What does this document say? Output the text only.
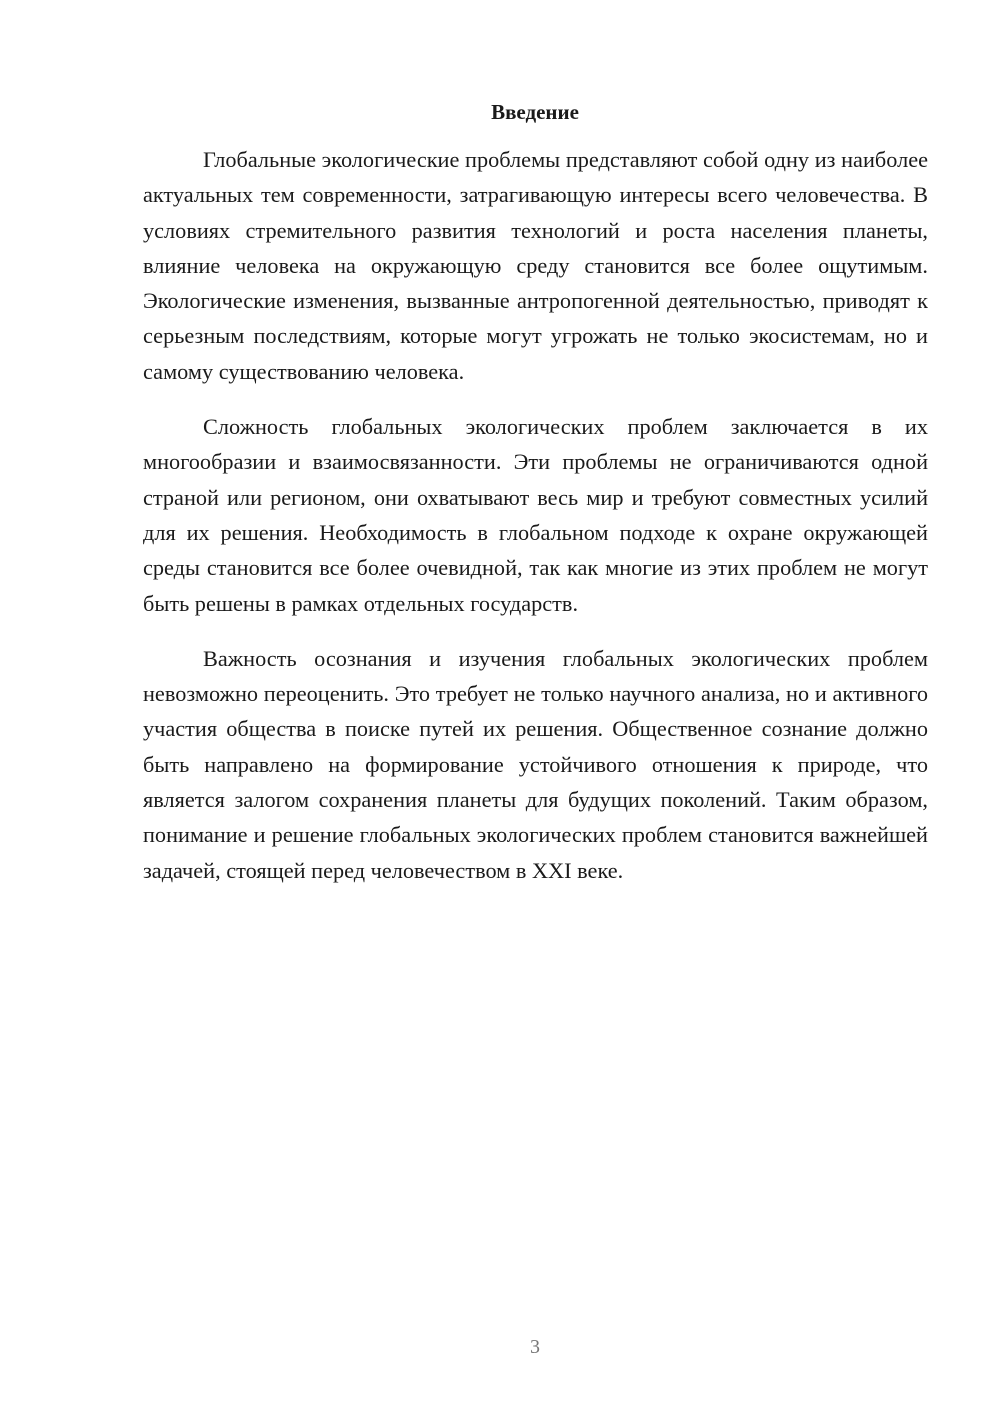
Введение

Глобальные экологические проблемы представляют собой одну из наиболее актуальных тем современности, затрагивающую интересы всего человечества. В условиях стремительного развития технологий и роста населения планеты, влияние человека на окружающую среду становится все более ощутимым. Экологические изменения, вызванные антропогенной деятельностью, приводят к серьезным последствиям, которые могут угрожать не только экосистемам, но и самому существованию человека.

Сложность глобальных экологических проблем заключается в их многообразии и взаимосвязанности. Эти проблемы не ограничиваются одной страной или регионом, они охватывают весь мир и требуют совместных усилий для их решения. Необходимость в глобальном подходе к охране окружающей среды становится все более очевидной, так как многие из этих проблем не могут быть решены в рамках отдельных государств.

Важность осознания и изучения глобальных экологических проблем невозможно переоценить. Это требует не только научного анализа, но и активного участия общества в поиске путей их решения. Общественное сознание должно быть направлено на формирование устойчивого отношения к природе, что является залогом сохранения планеты для будущих поколений. Таким образом, понимание и решение глобальных экологических проблем становится важнейшей задачей, стоящей перед человечеством в XXI веке.

3
